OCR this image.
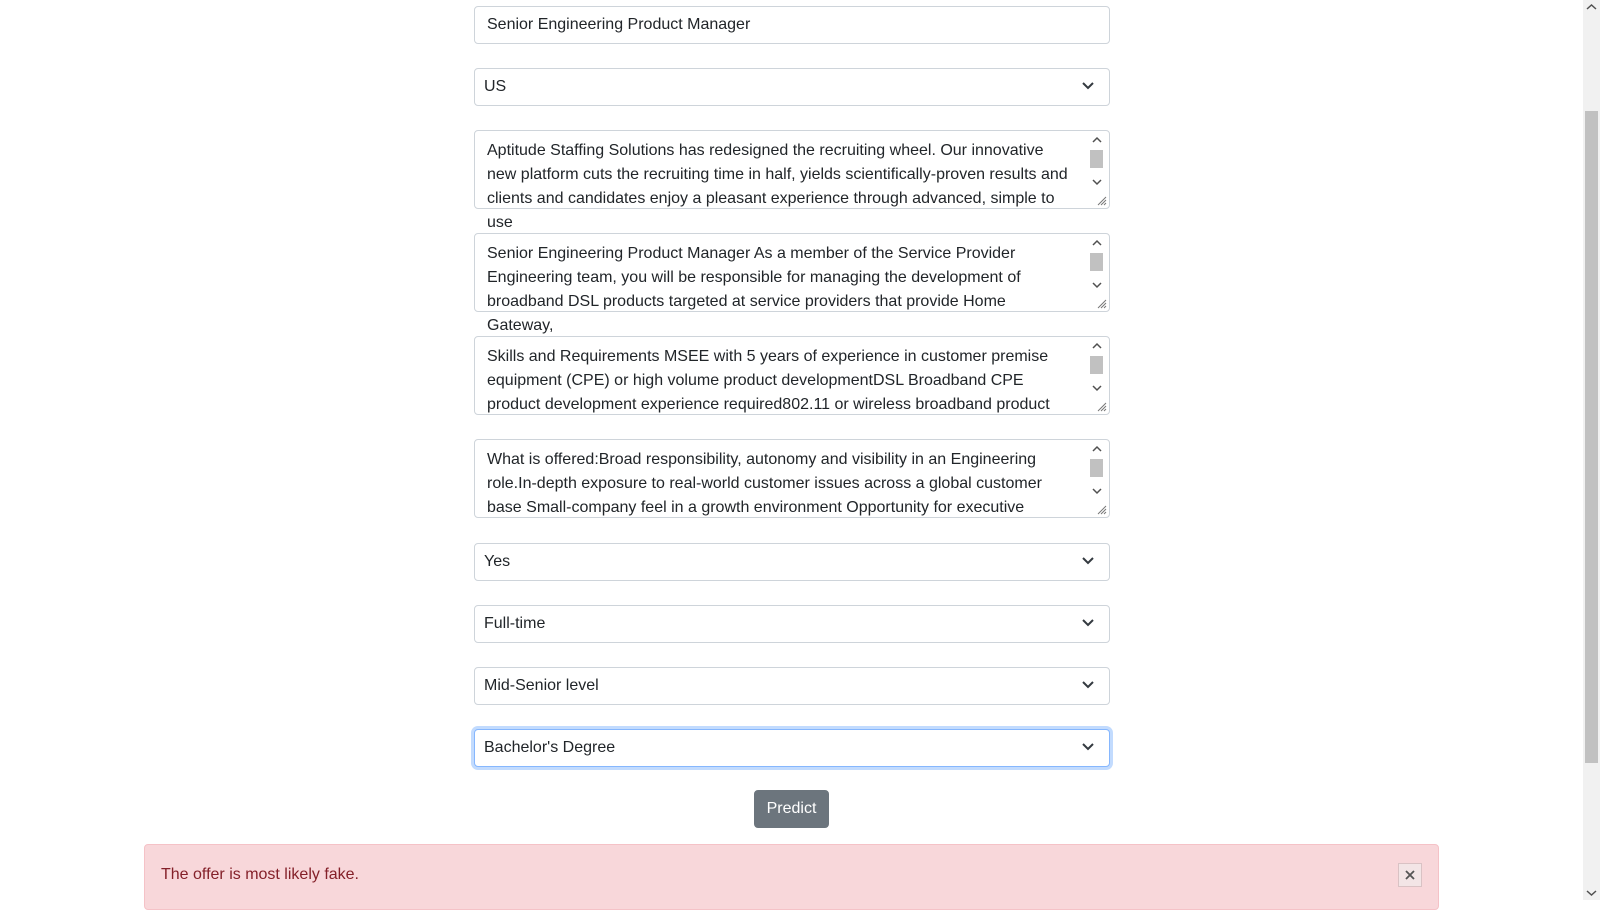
Senior Engineering Product Manager
US
Aptitude Staffing Solutions has redesigned the recruiting wheel. Our innovative new platform cuts the recruiting time in half, yields scientifically-proven results and clients and candidates enjoy a pleasant experience through advanced, simple to use
Senior Engineering Product Manager As a member of the Service Provider Engineering team, you will be responsible for managing the development of broadband DSL products targeted at service providers that provide Home Gateway,
Skills and Requirements MSEE with 5 years of experience in customer premise equipment (CPE) or high volume product developmentDSL Broadband CPE product development experience required802.11 or wireless broadband product
What is offered:Broad responsibility, autonomy and visibility in an Engineering role.In-depth exposure to real-world customer issues across a global customer base Small-company feel in a growth environment Opportunity for executive
Yes
Full-time
Mid-Senior level
Bachelor's Degree
Predict
The offer is most likely fake.
